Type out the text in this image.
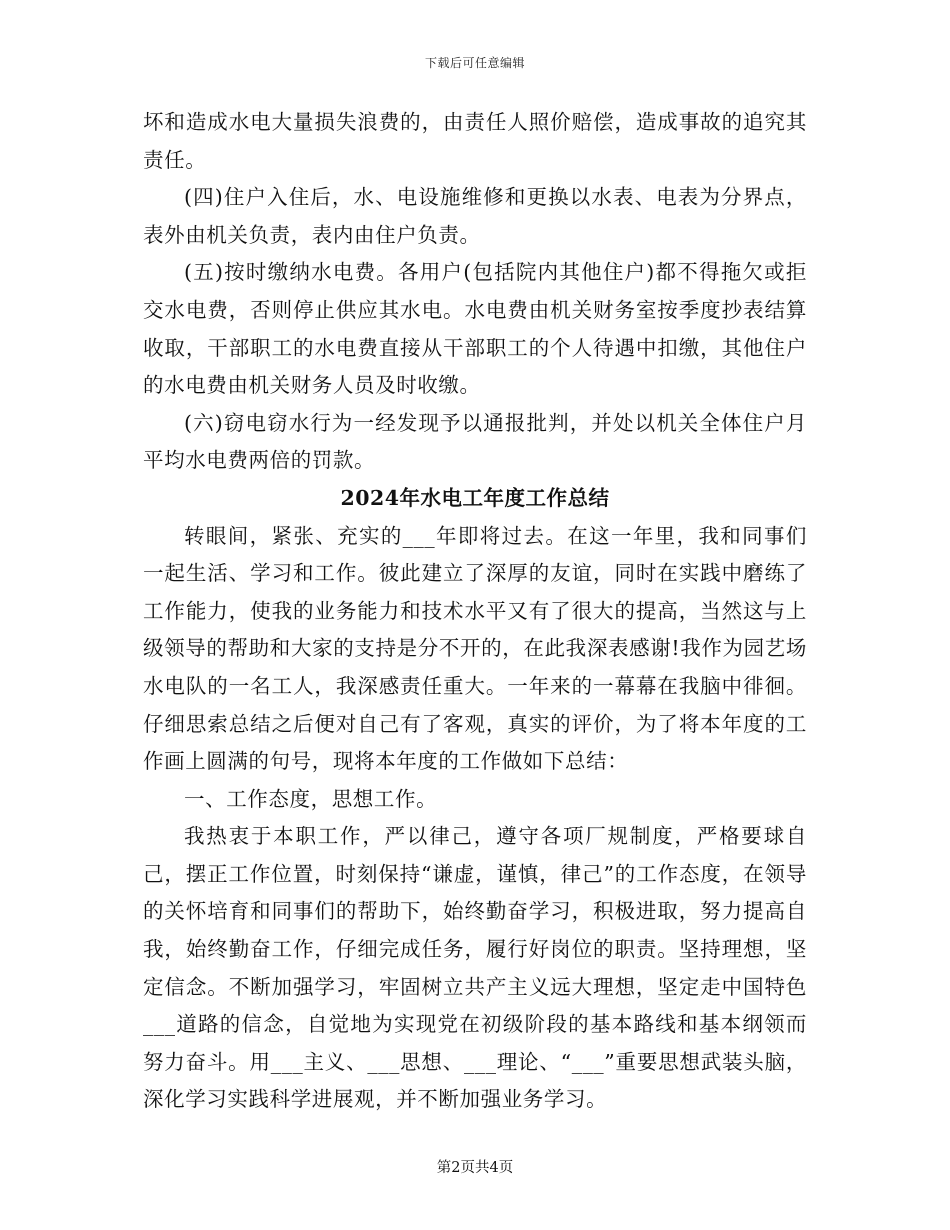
下载后可任意编辑

坏和造成水电大量损失浪费的，由责任人照价赔偿，造成事故的追究其责任。

(四)住户入住后，水、电设施维修和更换以水表、电表为分界点，表外由机关负责，表内由住户负责。

(五)按时缴纳水电费。各用户(包括院内其他住户)都不得拖欠或拒交水电费，否则停止供应其水电。水电费由机关财务室按季度抄表结算收取，干部职工的水电费直接从干部职工的个人待遇中扣缴，其他住户的水电费由机关财务人员及时收缴。

(六)窃电窃水行为一经发现予以通报批判，并处以机关全体住户月平均水电费两倍的罚款。

2024年水电工年度工作总结

转眼间，紧张、充实的___年即将过去。在这一年里，我和同事们一起生活、学习和工作。彼此建立了深厚的友谊，同时在实践中磨练了工作能力，使我的业务能力和技术水平又有了很大的提高，当然这与上级领导的帮助和大家的支持是分不开的，在此我深表感谢!我作为园艺场水电队的一名工人，我深感责任重大。一年来的一幕幕在我脑中徘徊。仔细思索总结之后便对自己有了客观，真实的评价，为了将本年度的工作画上圆满的句号，现将本年度的工作做如下总结：

一、工作态度，思想工作。

我热衷于本职工作，严以律己，遵守各项厂规制度，严格要球自己，摆正工作位置，时刻保持“谦虚，谨慎，律己”的工作态度，在领导的关怀培育和同事们的帮助下，始终勤奋学习，积极进取，努力提高自我，始终勤奋工作，仔细完成任务，履行好岗位的职责。坚持理想，坚定信念。不断加强学习，牢固树立共产主义远大理想，坚定走中国特色___道路的信念，自觉地为实现党在初级阶段的基本路线和基本纲领而努力奋斗。用___主义、___思想、___理论、“___”重要思想武装头脑，深化学习实践科学进展观，并不断加强业务学习。

第2页共4页
